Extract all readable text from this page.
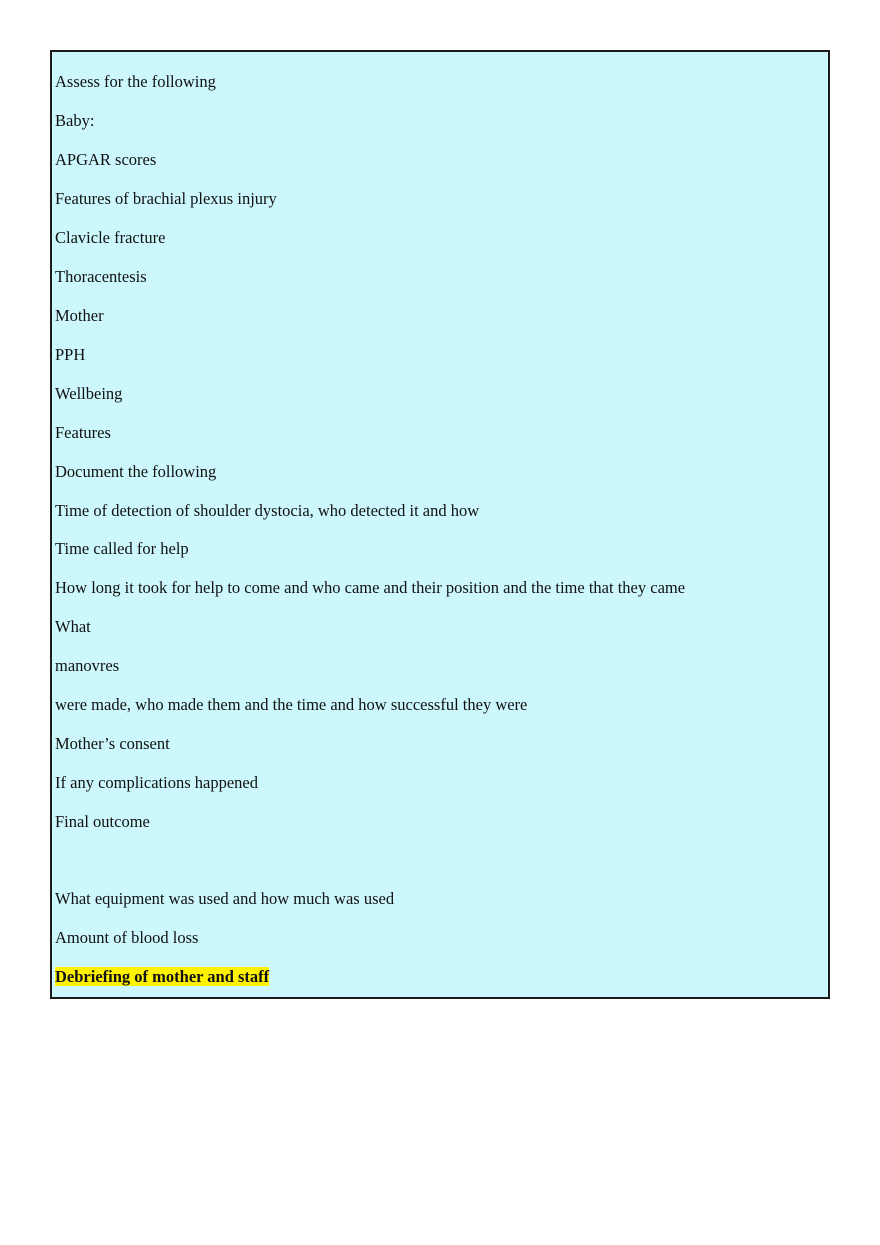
Assess for the following
Baby:
APGAR scores
Features of brachial plexus injury
Clavicle fracture
Thoracentesis
Mother
PPH
Wellbeing
Features
Document the following
Time of detection of shoulder dystocia, who detected it and how
Time called for help
How long it took for help to come and who came and their position and the time that they came
What
manovres
were made, who made them and the time and how successful they were
Mother’s consent
If any complications happened
Final outcome
What equipment was used and how much was used
Amount of blood loss
Debriefing of mother and staff
